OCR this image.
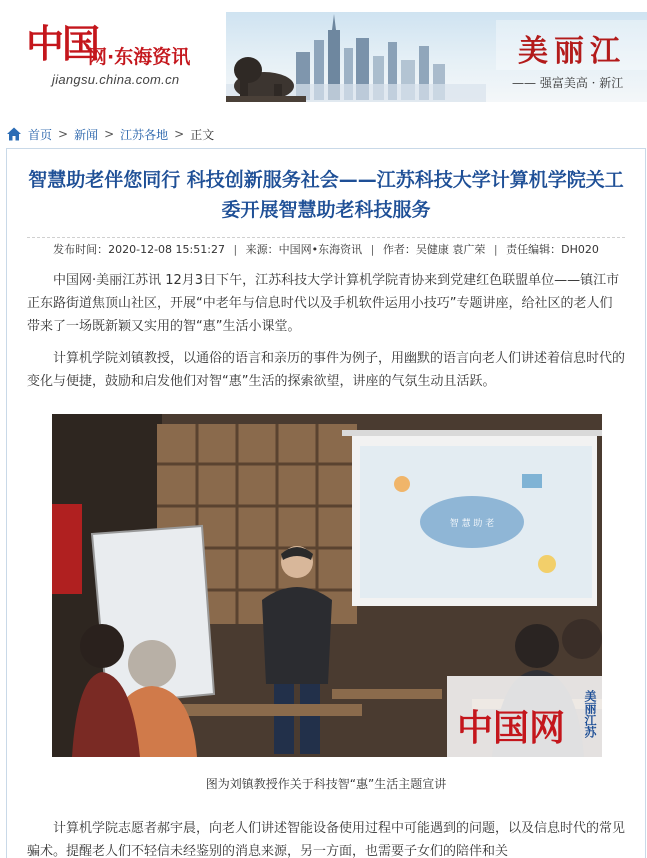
中国
网·东海资讯
jiangsu.china.com.cn
美丽江
—— 强富美高 · 新江
首页 > 新闻 > 江苏各地 > 正文
智慧助老伴您同行 科技创新服务社会——江苏科技大学计算机学院关工委开展智慧助老科技服务
发布时间：2020-12-08 15:51:27 | 来源：中国网•东海资讯 | 作者：吴健康 袁广荣 | 责任编辑：DH020

中国网·美丽江苏讯 12月3日下午，江苏科技大学计算机学院青协来到党建红色联盟单位——镇江市正东路街道焦顶山社区，开展“中老年与信息时代以及手机软件运用小技巧”专题讲座，给社区的老人们带来了一场既新颖又实用的智“惠”生活小课堂。

计算机学院刘镇教授，以通俗的语言和亲历的事件为例子，用幽默的语言向老人们讲述着信息时代的变化与便捷，鼓励和启发他们对智“惠”生活的探索欲望，讲座的气氛生动且活跃。

智 慧 助 老
中国网 美丽江苏

图为刘镇教授作关于科技智“惠”生活主题宣讲

计算机学院志愿者郝宇晨，向老人们讲述智能设备使用过程中可能遇到的问题，以及信息时代的常见骗术。提醒老人们不轻信未经鉴别的消息来源，另一方面，也需要子女们的陪伴和关
